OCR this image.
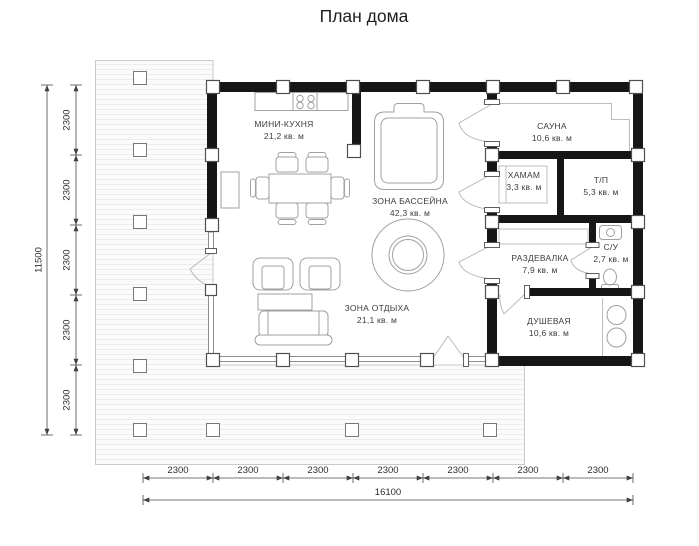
План дома
МИНИ-КУХНЯ
21,2 кв. м
ЗОНА БАССЕЙНА
42,3 кв. м
ЗОНА ОТДЫХА
21,1 кв. м
САУНА
10,6 кв. м
ХАМАМ
3,3 кв. м
Т/П
5,3 кв. м
С/У
2,7 кв. м
РАЗДЕВАЛКА
7,9 кв. м
ДУШЕВАЯ
10,6 кв. м
11500
2300
2300
2300
2300
2300
2300	2300	2300	2300	2300	2300	2300
16100
